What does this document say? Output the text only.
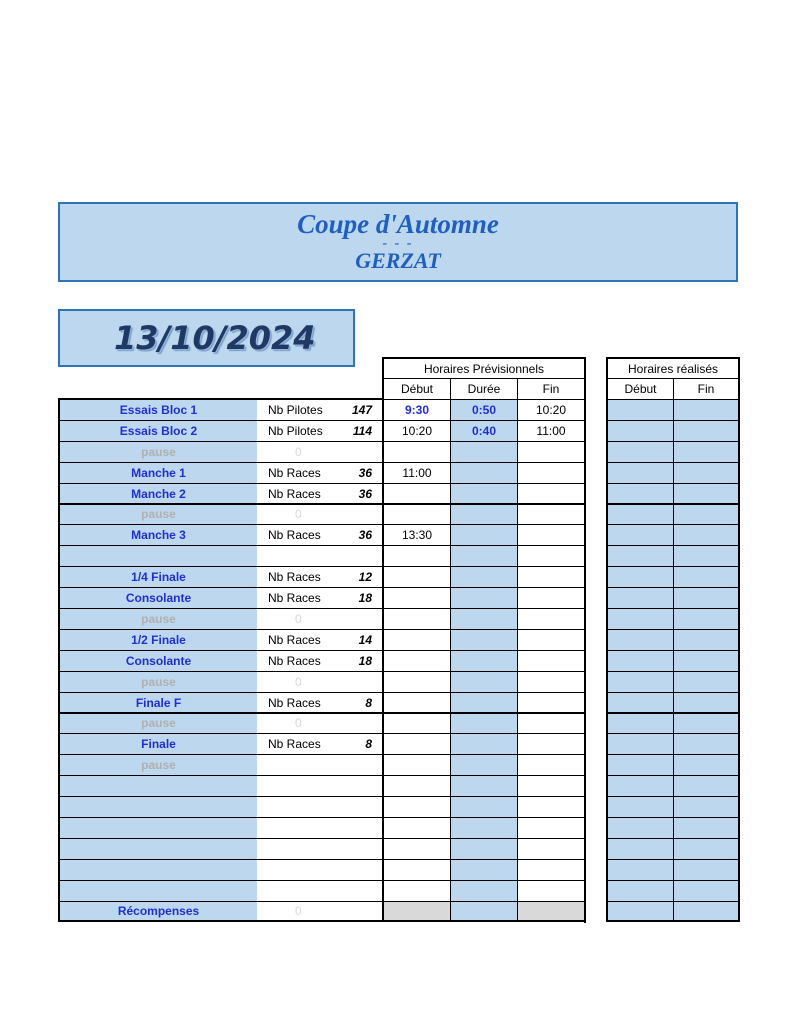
Coupe d'Automne
- - -
GERZAT
13/10/2024
Horaires Prévisionnels
Début	Durée	Fin
Horaires réalisés
Début	Fin
Essais Bloc 1	Nb Pilotes 147	9:30	0:50	10:20
Essais Bloc 2	Nb Pilotes	114	10:20	0:40	11:00
pause	0
Manche 1	Nb Races	36	11:00
Manche 2	Nb Races	36
pause	0
Manche 3	Nb Races	36	13:30
1/4 Finale	Nb Races	12
Consolante	Nb Races	18
pause	0
1/2 Finale	Nb Races	14
Consolante	Nb Races	18
pause	0
Finale F	Nb Races	8
pause	0
Finale	Nb Races	8
pause
Récompenses	0
